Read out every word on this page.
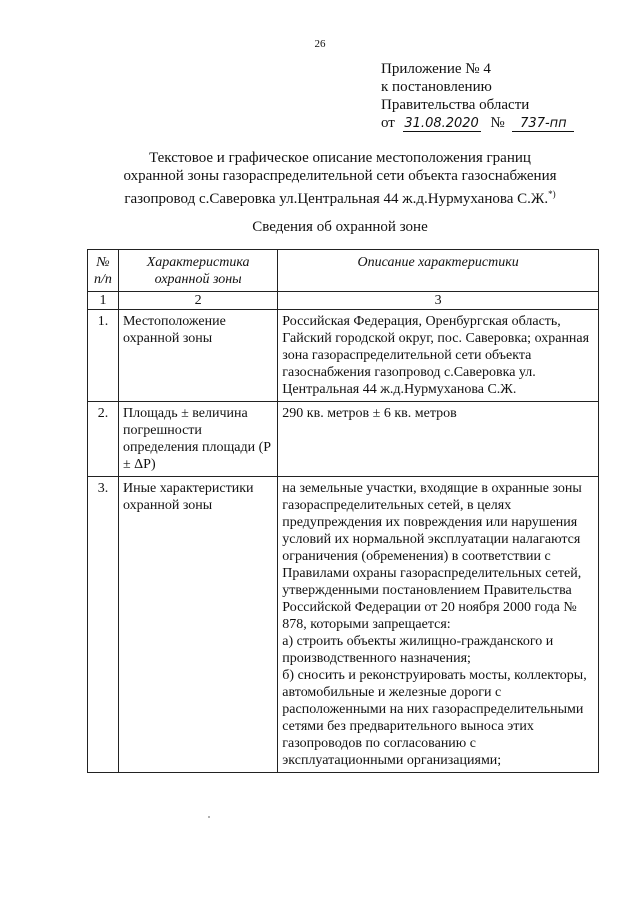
26
Приложение № 4
к постановлению
Правительства области
от 31.08.2020 № 737-пп
Текстовое и графическое описание местоположения границ
охранной зоны газораспределительной сети объекта газоснабжения
газопровод с.Саверовка ул.Центральная 44 ж.д.Нурмуханова С.Ж.*)
Сведения об охранной зоне
№ п/п	Характеристика охранной зоны	Описание характеристики
1	2	3
1.	Местоположение охранной зоны	Российская Федерация, Оренбургская область, Гайский городской округ, пос. Саверовка; охранная зона газораспределительной сети объекта газоснабжения газопровод с.Саверовка ул. Центральная 44 ж.д.Нурмуханова С.Ж.
2.	Площадь ± величина погрешности определения площади (Р ± ΔР)	290 кв. метров ± 6 кв. метров
3.	Иные характеристики охранной зоны	на земельные участки, входящие в охранные зоны газораспределительных сетей, в целях предупреждения их повреждения или нарушения условий их нормальной эксплуатации налагаются ограничения (обременения) в соответствии с Правилами охраны газораспределительных сетей, утвержденными постановлением Правительства Российской Федерации от 20 ноября 2000 года № 878, которыми запрещается:
а) строить объекты жилищно-гражданского и производственного назначения;
б) сносить и реконструировать мосты, коллекторы, автомобильные и железные дороги с расположенными на них газораспределительными сетями без предварительного выноса этих газопроводов по согласованию с эксплуатационными организациями;
